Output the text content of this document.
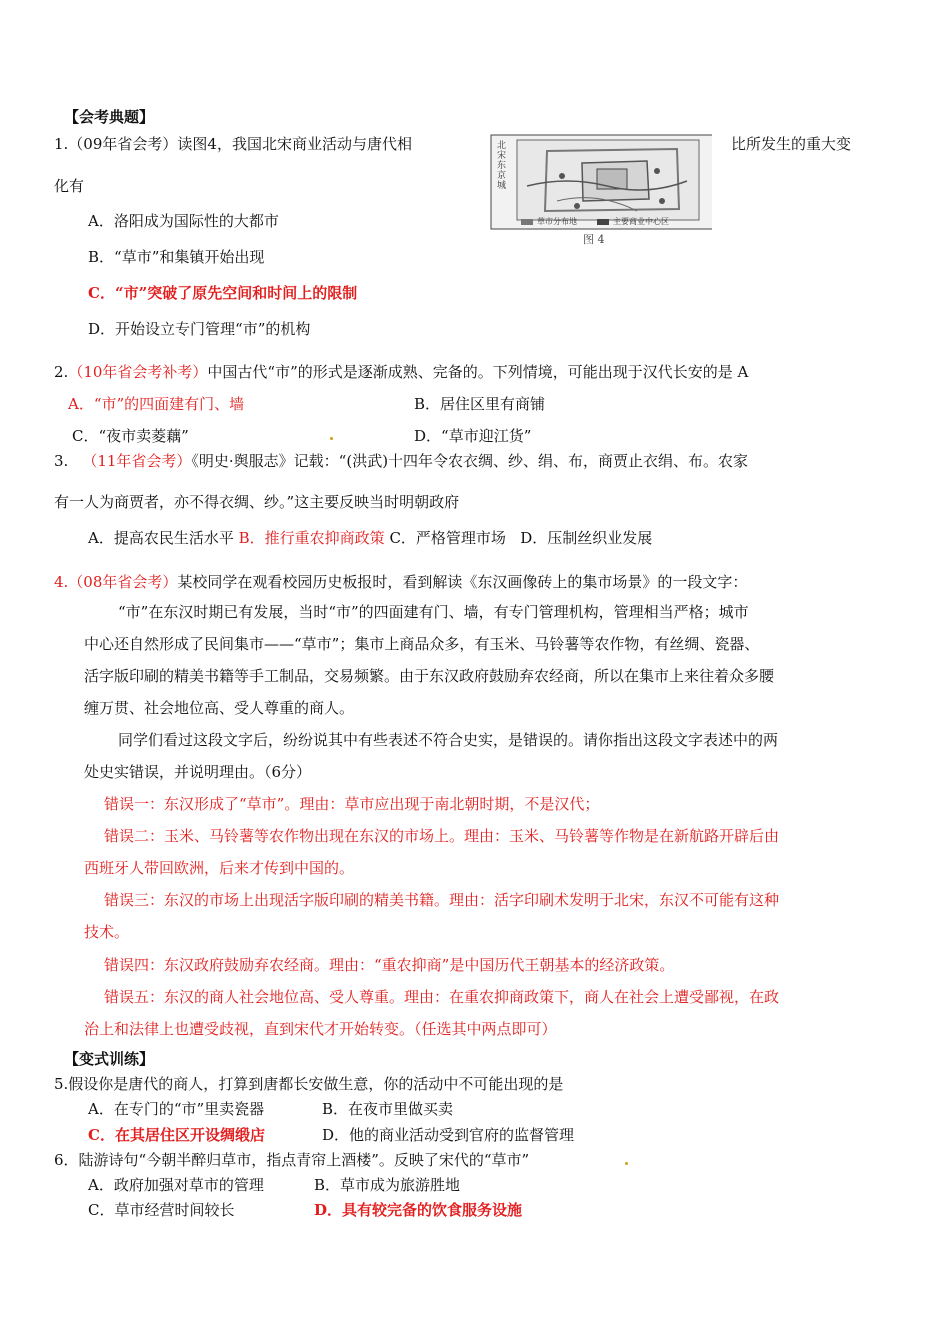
【会考典题】
1.（09年省会考）读图4，我国北宋商业活动与唐代相	比所发生的重大变
化有
A．洛阳成为国际性的大都市
B．“草市”和集镇开始出现
C．“市”突破了原先空间和时间上的限制
D．开始设立专门管理“市”的机构
北宋东京城
草市分布地	主要商业中心区
图 4
2.（10年省会考补考）中国古代“市”的形式是逐渐成熟、完备的。下列情境，可能出现于汉代长安的是 A
A．“市”的四面建有门、墙	B．居住区里有商铺
C．“夜市卖菱藕”	D．“草市迎江货”
3. （11年省会考）《明史·舆服志》记载：“(洪武)十四年令农衣绸、纱、绢、布，商贾止衣绢、布。农家
有一人为商贾者，亦不得衣绸、纱。”这主要反映当时明朝政府
A．提高农民生活水平 B．推行重农抑商政策 C．严格管理市场 D．压制丝织业发展
4.（08年省会考）某校同学在观看校园历史板报时，看到解读《东汉画像砖上的集市场景》的一段文字：
“市”在东汉时期已有发展，当时“市”的四面建有门、墙，有专门管理机构，管理相当严格；城市
中心还自然形成了民间集市——“草市”；集市上商品众多，有玉米、马铃薯等农作物，有丝绸、瓷器、
活字版印刷的精美书籍等手工制品，交易频繁。由于东汉政府鼓励弃农经商，所以在集市上来往着众多腰
缠万贯、社会地位高、受人尊重的商人。
同学们看过这段文字后，纷纷说其中有些表述不符合史实，是错误的。请你指出这段文字表述中的两
处史实错误，并说明理由。（6分）
错误一：东汉形成了“草市”。理由：草市应出现于南北朝时期，不是汉代；
错误二：玉米、马铃薯等农作物出现在东汉的市场上。理由：玉米、马铃薯等作物是在新航路开辟后由
西班牙人带回欧洲，后来才传到中国的。
错误三：东汉的市场上出现活字版印刷的精美书籍。理由：活字印刷术发明于北宋，东汉不可能有这种
技术。
错误四：东汉政府鼓励弃农经商。理由：“重农抑商”是中国历代王朝基本的经济政策。
错误五：东汉的商人社会地位高、受人尊重。理由：在重农抑商政策下，商人在社会上遭受鄙视，在政
治上和法律上也遭受歧视，直到宋代才开始转变。（任选其中两点即可）
【变式训练】
5.假设你是唐代的商人，打算到唐都长安做生意，你的活动中不可能出现的是
A．在专门的“市”里卖瓷器	B．在夜市里做买卖
C．在其居住区开设绸缎店	D．他的商业活动受到官府的监督管理
6．陆游诗句“今朝半醉归草市，指点青帘上酒楼”。反映了宋代的“草市”
A．政府加强对草市的管理	B．草市成为旅游胜地
C．草市经营时间较长	D．具有较完备的饮食服务设施
